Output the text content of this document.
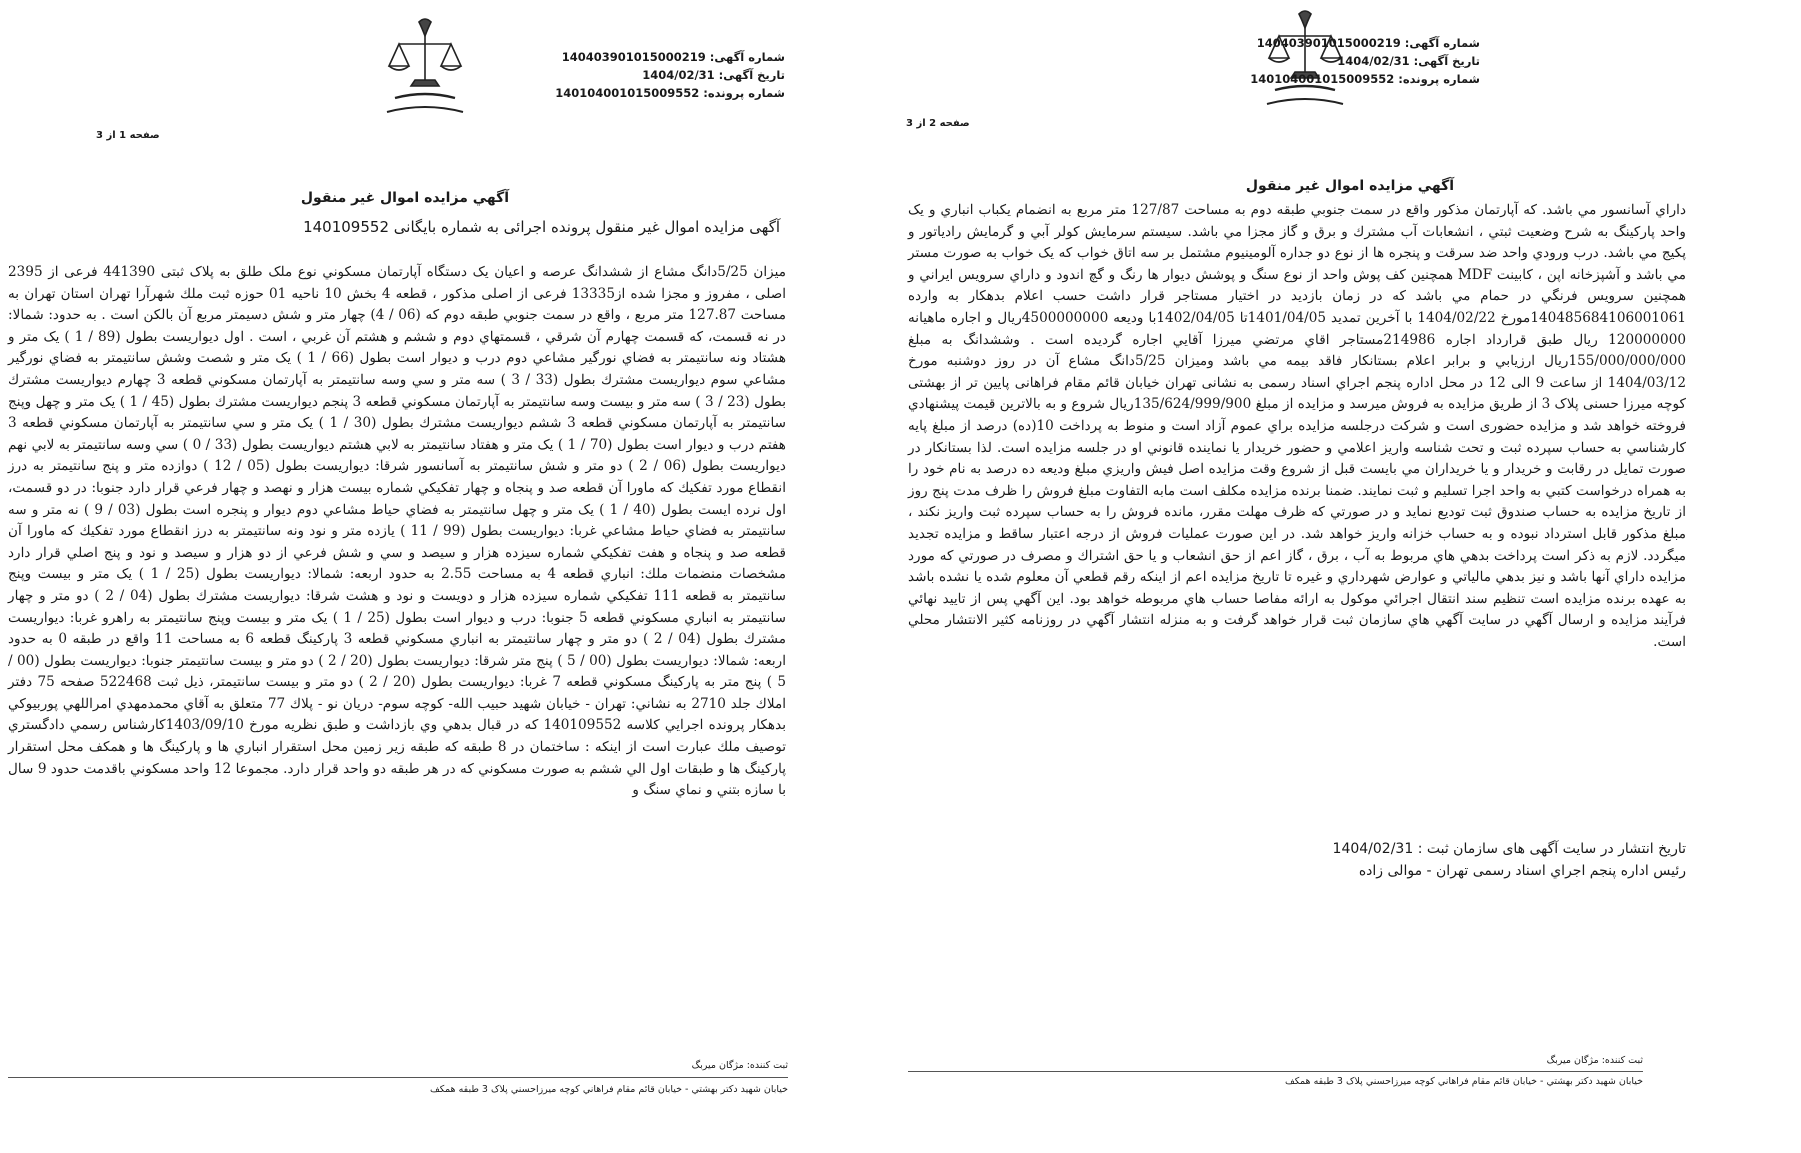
شماره آگهی: 140403901015000219
تاریخ آگهی: 1404/02/31
شماره پرونده: 140104001015009552
صفحه 1 از 3
آگهي مزايده اموال غير منقول
آگهی مزایده اموال غیر منقول پرونده اجرائی به شماره بایگانی 140109552
میزان 5/25دانگ مشاع از ششدانگ عرصه و اعیان یک دستگاه آپارتمان مسکوني نوع ملک طلق به پلاک ثبتی 441390 فرعی از 2395 اصلی ، مفروز و مجزا شده از13335 فرعی از اصلی مذکور ، قطعه 4 بخش 10 ناحیه 01 حوزه ثبت ملك شهرآرا تهران استان تهران به مساحت 127.87 متر مربع ، واقع در سمت جنوبي طبقه دوم كه (06 / 4) چهار متر و شش دسيمتر مربع آن بالكن است . به حدود: شمالا: در نه قسمت، كه قسمت چهارم آن شرقي ، قسمتهاي دوم و ششم و هشتم آن غربي ، است . اول ديواريست بطول (89 / 1 ) يک متر و هشتاد ونه سانتيمتر به فضاي نورگير مشاعي دوم درب و ديوار است بطول (66 / 1 ) يک متر و شصت وشش سانتيمتر به فضاي نورگير مشاعي سوم ديواريست مشترك بطول (33 / 3 ) سه متر و سي وسه سانتيمتر به آپارتمان مسكوني قطعه 3 چهارم ديواريست مشترك بطول (23 / 3 ) سه متر و بيست وسه سانتيمتر به آپارتمان مسكوني قطعه 3 پنجم ديواريست مشترك بطول (45 / 1 ) يک متر و چهل وپنج سانتيمتر به آپارتمان مسكوني قطعه 3 ششم ديواريست مشترك بطول (30 / 1 ) يک متر و سي سانتيمتر به آپارتمان مسكوني قطعه 3 هفتم درب و ديوار است بطول (70 / 1 ) يک متر و هفتاد سانتيمتر به لابي هشتم ديواريست بطول (33 / 0 ) سي وسه سانتيمتر به لابي نهم ديواريست بطول (06 / 2 ) دو متر و شش سانتيمتر به آسانسور شرقا: ديواريست بطول (05 / 12 ) دوازده متر و پنج سانتيمتر به درز انقطاع مورد تفكيك كه ماورا آن قطعه صد و پنجاه و چهار تفكيكي شماره بيست هزار و نهصد و چهار فرعي قرار دارد جنوبا: در دو قسمت، اول نرده ايست بطول (40 / 1 ) يک متر و چهل سانتيمتر به فضاي حياط مشاعي دوم ديوار و پنجره است بطول (03 / 9 ) نه متر و سه سانتيمتر به فضاي حياط مشاعي غربا: ديواريست بطول (99 / 11 ) يازده متر و نود ونه سانتيمتر به درز انقطاع مورد تفكيك كه ماورا آن قطعه صد و پنجاه و هفت تفكيكي شماره سيزده هزار و سيصد و سي و شش فرعي از دو هزار و سيصد و نود و پنج اصلي قرار دارد مشخصات منضمات ملك: انباري قطعه 4 به مساحت 2.55 به حدود اربعه: شمالا: ديواريست بطول (25 / 1 ) يک متر و بيست وپنج سانتيمتر به قطعه 111 تفكيكي شماره سيزده هزار و دويست و نود و هشت شرقا: ديواريست مشترك بطول (04 / 2 ) دو متر و چهار سانتيمتر به انباري مسكوني قطعه 5 جنوبا: درب و ديوار است بطول (25 / 1 ) يک متر و بيست وپنج سانتيمتر به راهرو غربا: ديواريست مشترك بطول (04 / 2 ) دو متر و چهار سانتيمتر به انباري مسكوني قطعه 3 پاركينگ قطعه 6 به مساحت 11 واقع در طبقه 0 به حدود اربعه: شمالا: ديواريست بطول (00 / 5 ) پنج متر شرقا: ديواريست بطول (20 / 2 ) دو متر و بيست سانتيمتر جنوبا: ديواريست بطول (00 / 5 ) پنج متر به پاركينگ مسكوني قطعه 7 غربا: ديواريست بطول (20 / 2 ) دو متر و بيست سانتيمتر، ذيل ثبت 522468 صفحه 75 دفتر املاك جلد 2710 به نشاني: تهران - خيابان شهيد حبيب الله- كوچه سوم- دريان نو - پلاك 77 متعلق به آقاي محمدمهدي امراللهي پوربيوكي بدهكار پرونده اجرايي كلاسه 140109552 كه در قبال بدهي وي بازداشت و طبق نظريه مورخ 1403/09/10كارشناس رسمي دادگستري توصيف ملك عبارت است از اينكه : ساختمان در 8 طبقه كه طبقه زير زمين محل استقرار انباري ها و پاركينگ ها و همكف محل استقرار پاركينگ ها و طبقات اول الي ششم به صورت مسكوني كه در هر طبقه دو واحد قرار دارد. مجموعا 12 واحد مسكوني باقدمت حدود 9 سال با سازه بتني و نماي سنگ و
ثبت کننده: مژگان میربگ
خیابان شهید دکتر بهشتي - خیابان قائم مقام فراهاني کوچه میرزاحسني پلاک 3 طبقه همکف
شماره آگهی: 140403901015000219
تاریخ آگهی: 1404/02/31
شماره پرونده: 140104001015009552
صفحه 2 از 3
آگهي مزايده اموال غير منقول
داراي آسانسور مي باشد. كه آپارتمان مذكور واقع در سمت جنوبي طبقه دوم به مساحت 127/87 متر مربع به انضمام يكباب انباري و يک واحد پاركينگ به شرح وضعيت ثبتي ، انشعابات آب مشترك و برق و گاز مجزا مي باشد. سيستم سرمايش كولر آبي و گرمايش رادياتور و پكيج مي باشد. درب ورودي واحد ضد سرقت و پنجره ها از نوع دو جداره آلومينيوم مشتمل بر سه اتاق خواب كه يک خواب به صورت مستر مي باشد و آشپزخانه اپن ، كابينت MDF همچنين كف پوش واحد از نوع سنگ و پوشش ديوار ها رنگ و گچ اندود و داراي سرويس ايراني و همچنين سرويس فرنگي در حمام مي باشد كه در زمان بازديد در اختيار مستاجر قرار داشت حسب اعلام بدهكار به وارده 140485684106001061مورخ 1404/02/22 با آخرین تمدید 1401/04/05تا 1402/04/05با وديعه 4500000000ريال و اجاره ماهيانه 120000000 ريال طبق قرارداد اجاره 214986مستاجر اقاي مرتضي ميرزا آقايي اجاره گرديده است . وششدانگ به مبلغ 155/000/000/000ريال ارزيابي و برابر اعلام بستانكار فاقد بيمه مي باشد وميزان 5/25دانگ مشاع آن در روز دوشنبه مورخ 1404/03/12 از ساعت 9 الی 12 در محل اداره پنجم اجراي اسناد رسمی به نشانی تهران خیابان قائم مقام فراهانی پایین تر از بهشتی کوچه میرزا حسنی پلاک 3 از طريق مزايده به فروش ميرسد و مزايده از مبلغ 135/624/999/900ريال شروع و به بالاترين قيمت پيشنهادي فروخته خواهد شد و مزايده حضوری است و شركت درجلسه مزايده براي عموم آزاد است و منوط به پرداخت 10(ده) درصد از مبلغ پايه كارشناسي به حساب سپرده ثبت و تحت شناسه واريز اعلامي و حضور خريدار يا نماينده قانوني او در جلسه مزايده است. لذا بستانكار در صورت تمايل در رقابت و خريدار و يا خريداران مي بايست قبل از شروع وقت مزايده اصل فيش واريزي مبلغ وديعه ده درصد به نام خود را به همراه درخواست كتبي به واحد اجرا تسليم و ثبت نمايند. ضمنا برنده مزايده مكلف است مابه التفاوت مبلغ فروش را ظرف مدت پنج روز از تاريخ مزايده به حساب صندوق ثبت توديع نمايد و در صورتي كه ظرف مهلت مقرر، مانده فروش را به حساب سپرده ثبت واريز نكند ، مبلغ مذكور قابل استرداد نبوده و به حساب خزانه واريز خواهد شد. در اين صورت عمليات فروش از درجه اعتبار ساقط و مزايده تجديد ميگردد. لازم به ذكر است پرداخت بدهي هاي مربوط به آب ، برق ، گاز اعم از حق انشعاب و يا حق اشتراك و مصرف در صورتي كه مورد مزايده داراي آنها باشد و نيز بدهي مالياتي و عوارض شهرداري و غيره تا تاريخ مزايده اعم از اينكه رقم قطعي آن معلوم شده يا نشده باشد به عهده برنده مزايده است تنظيم سند انتقال اجرائي موكول به ارائه مفاصا حساب هاي مربوطه خواهد بود. اين آگهي پس از تاييد نهائي فرآيند مزايده و ارسال آگهي در سايت آگهي هاي سازمان ثبت قرار خواهد گرفت و به منزله انتشار آگهي در روزنامه كثير الانتشار محلي است.
تاریخ انتشار در سایت آگهی های سازمان ثبت : 1404/02/31
رئيس اداره پنجم اجراي اسناد رسمی تهران - موالی زاده
ثبت کننده: مژگان میربگ
خیابان شهید دکتر بهشتي - خیابان قائم مقام فراهاني کوچه میرزاحسني پلاک 3 طبقه همکف
